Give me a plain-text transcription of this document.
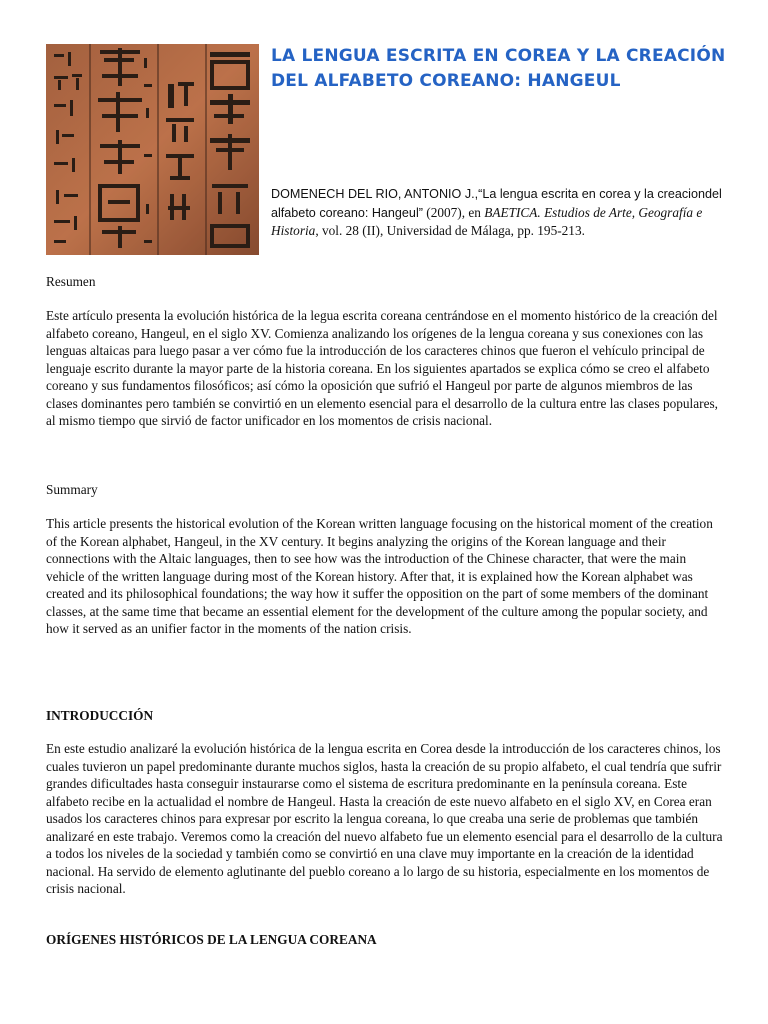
LA LENGUA ESCRITA EN COREA Y LA CREACIÓN DEL ALFABETO COREANO: HANGEUL

DOMENECH DEL RIO, ANTONIO J.,“La lengua escrita en corea y la creaciondel alfabeto coreano: Hangeul” (2007), en BAETICA. Estudios de Arte, Geografía e Historia, vol. 28 (II), Universidad de Málaga, pp. 195-213.

Resumen

Este artículo presenta la evolución histórica de la legua escrita coreana centrándose en el momento histórico de la creación del alfabeto coreano, Hangeul, en el siglo XV. Comienza analizando los orígenes de la lengua coreana y sus conexiones con las lenguas altaicas para luego pasar a ver cómo fue la introducción de los caracteres chinos que fueron el vehículo principal de lenguaje escrito durante la mayor parte de la historia coreana. En los siguientes apartados se explica cómo se creo el alfabeto coreano y sus fundamentos filosóficos; así cómo la oposición que sufrió el Hangeul por parte de algunos miembros de las clases dominantes pero también se convirtió en un elemento esencial para el desarrollo de la cultura entre las clases populares, al mismo tiempo que sirvió de factor unificador en los momentos de crisis nacional.

Summary

This article presents the historical evolution of the Korean written language focusing on the historical moment of the creation of the Korean alphabet, Hangeul, in the XV century. It begins analyzing the origins of the Korean language and their connections with the Altaic languages, then to see how was the introduction of the Chinese character, that were the main vehicle of the written language during most of the Korean history. After that, it is explained how the Korean alphabet was created and its philosophical foundations; the way how it suffer the opposition on the part of some members of the dominant classes, at the same time that became an essential element for the development of the culture among the popular society, and how it served as an unifier factor in the moments of the nation crisis.

INTRODUCCIÓN

En este estudio analizaré la evolución histórica de la lengua escrita en Corea desde la introducción de los caracteres chinos, los cuales tuvieron un papel predominante durante muchos siglos, hasta la creación de su propio alfabeto, el cual tendría que sufrir grandes dificultades hasta conseguir instaurarse como el sistema de escritura predominante en la península coreana. Este alfabeto recibe en la actualidad el nombre de Hangeul. Hasta la creación de este nuevo alfabeto en el siglo XV, en Corea eran usados los caracteres chinos para expresar por escrito la lengua coreana, lo que creaba una serie de problemas que también analizaré en este trabajo. Veremos como la creación del nuevo alfabeto fue un elemento esencial para el desarrollo de la cultura a todos los niveles de la sociedad y también como se convirtió en una clave muy importante en la creación de la identidad nacional. Ha servido de elemento aglutinante del pueblo coreano a lo largo de su historia, especialmente en los momentos de crisis nacional.

ORÍGENES HISTÓRICOS DE LA LENGUA COREANA
